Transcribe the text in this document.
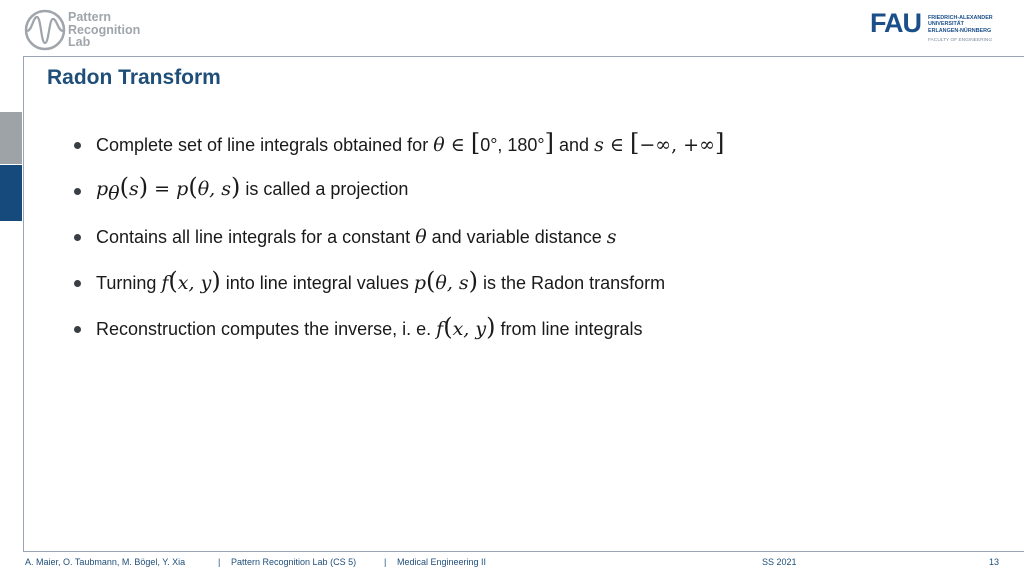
Pattern
Recognition
Lab
FAU FRIEDRICH-ALEXANDER
UNIVERSITÄT
ERLANGEN-NÜRNBERG
FACULTY OF ENGINEERING
Radon Transform
Complete set of line integrals obtained for θ ∈ [0°, 180°] and s ∈ [−∞, +∞]
$p_\theta(s) = p(\theta$, s) is called a projection
Contains all line integrals for a constant θ and variable distance s
Turning f(x, y) into line integral values p(θ, s) is the Radon transform
Reconstruction computes the inverse, i. e. f(x, y) from line integrals
A. Maier, O. Taubmann, M. Bögel, Y. Xia	| Pattern Recognition Lab (CS 5)	| Medical Engineering II	SS 2021	13
